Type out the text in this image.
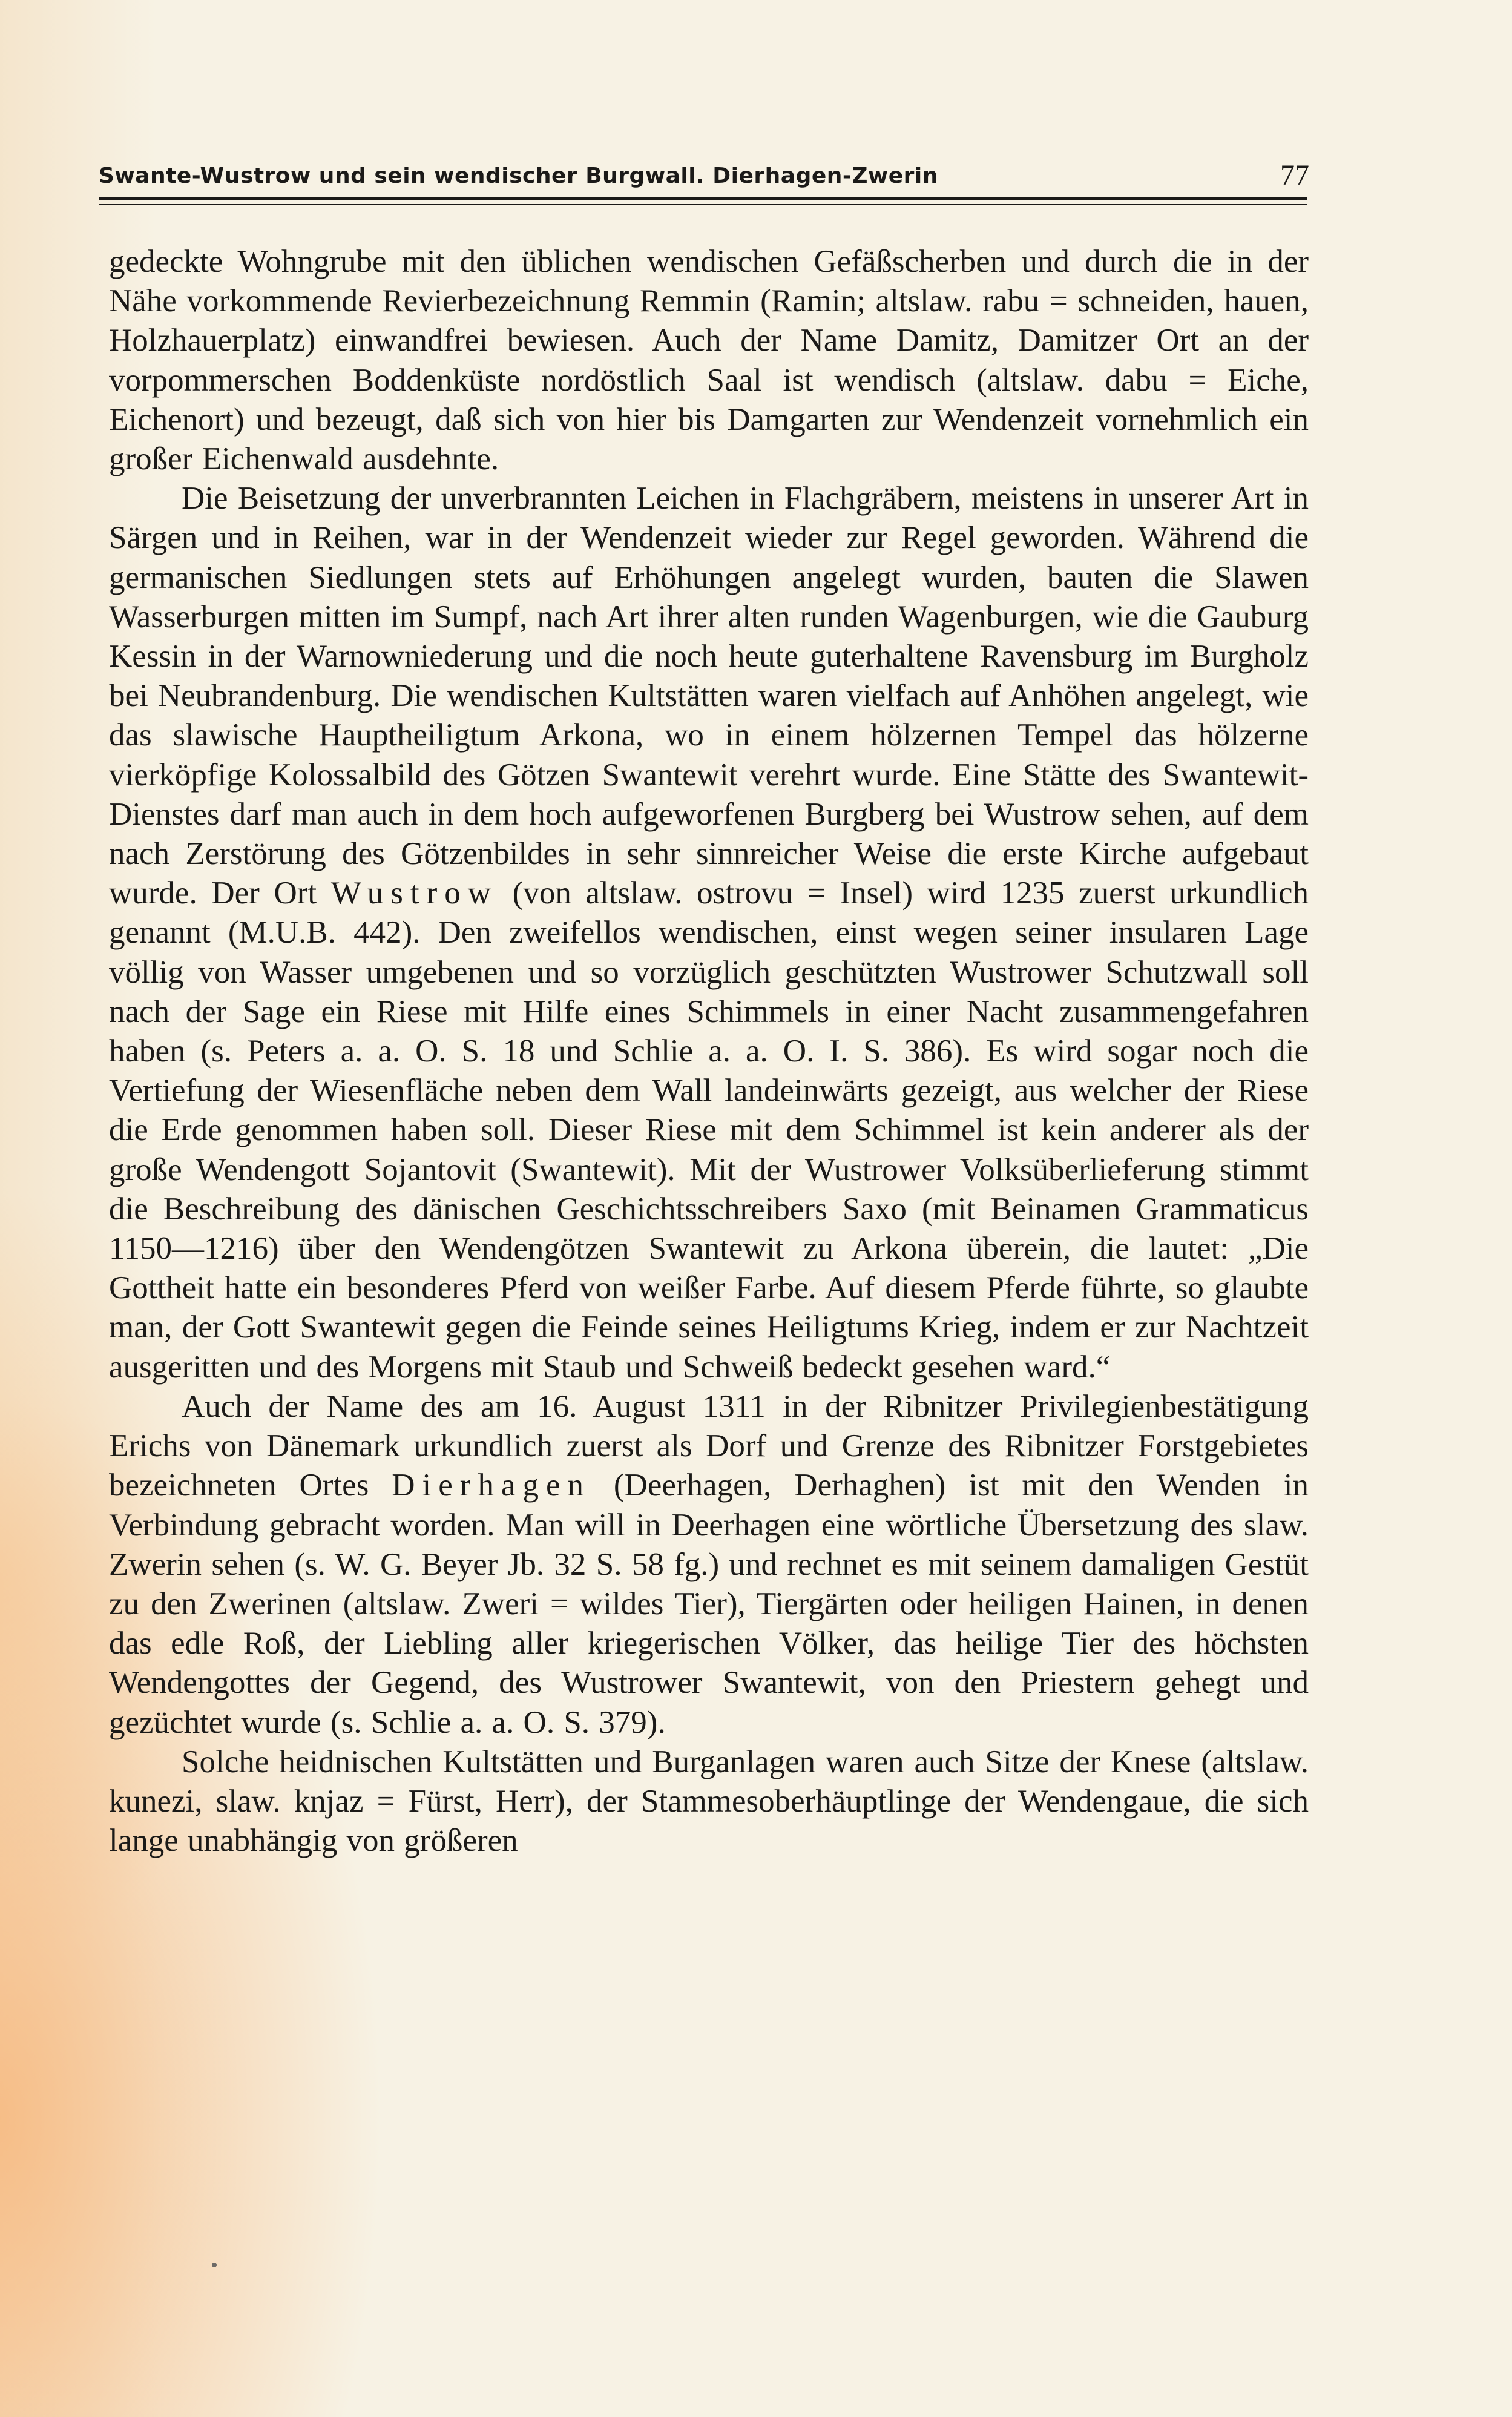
Swante-Wustrow und sein wendischer Burgwall. Dierhagen-Zwerin	77

gedeckte Wohngrube mit den üblichen wendischen Gefäßscherben und durch die in der Nähe vorkommende Revierbezeichnung Remmin (Ramin; altslaw. rabu = schneiden, hauen, Holzhauerplatz) einwandfrei bewiesen. Auch der Name Damitz, Damitzer Ort an der vorpommerschen Boddenküste nordöstlich Saal ist wendisch (altslaw. dabu = Eiche, Eichenort) und bezeugt, daß sich von hier bis Damgarten zur Wendenzeit vornehmlich ein großer Eichenwald ausdehnte.

Die Beisetzung der unverbrannten Leichen in Flachgräbern, meistens in unserer Art in Särgen und in Reihen, war in der Wendenzeit wieder zur Regel geworden. Während die germanischen Siedlungen stets auf Erhöhungen angelegt wurden, bauten die Slawen Wasserburgen mitten im Sumpf, nach Art ihrer alten runden Wagenburgen, wie die Gauburg Kessin in der Warnowniederung und die noch heute guterhaltene Ravensburg im Burgholz bei Neubrandenburg. Die wendischen Kultstätten waren vielfach auf Anhöhen angelegt, wie das slawische Hauptheiligtum Arkona, wo in einem hölzernen Tempel das hölzerne vierköpfige Kolossalbild des Götzen Swantewit verehrt wurde. Eine Stätte des Swantewit-Dienstes darf man auch in dem hoch aufgeworfenen Burgberg bei Wustrow sehen, auf dem nach Zerstörung des Götzenbildes in sehr sinnreicher Weise die erste Kirche aufgebaut wurde. Der Ort Wustrow (von altslaw. ostrovu = Insel) wird 1235 zuerst urkundlich genannt (M.U.B. 442). Den zweifellos wendischen, einst wegen seiner insularen Lage völlig von Wasser umgebenen und so vorzüglich geschützten Wustrower Schutzwall soll nach der Sage ein Riese mit Hilfe eines Schimmels in einer Nacht zusammengefahren haben (s. Peters a. a. O. S. 18 und Schlie a. a. O. I. S. 386). Es wird sogar noch die Vertiefung der Wiesenfläche neben dem Wall landeinwärts gezeigt, aus welcher der Riese die Erde genommen haben soll. Dieser Riese mit dem Schimmel ist kein anderer als der große Wendengott Sojantovit (Swantewit). Mit der Wustrower Volksüberlieferung stimmt die Beschreibung des dänischen Geschichtsschreibers Saxo (mit Beinamen Grammaticus 1150—1216) über den Wendengötzen Swantewit zu Arkona überein, die lautet: „Die Gottheit hatte ein besonderes Pferd von weißer Farbe. Auf diesem Pferde führte, so glaubte man, der Gott Swantewit gegen die Feinde seines Heiligtums Krieg, indem er zur Nachtzeit ausgeritten und des Morgens mit Staub und Schweiß bedeckt gesehen ward.“

Auch der Name des am 16. August 1311 in der Ribnitzer Privilegienbestätigung Erichs von Dänemark urkundlich zuerst als Dorf und Grenze des Ribnitzer Forstgebietes bezeichneten Ortes Dierhagen (Deerhagen, Derhaghen) ist mit den Wenden in Verbindung gebracht worden. Man will in Deerhagen eine wörtliche Übersetzung des slaw. Zwerin sehen (s. W. G. Beyer Jb. 32 S. 58 fg.) und rechnet es mit seinem damaligen Gestüt zu den Zwerinen (altslaw. Zweri = wildes Tier), Tiergärten oder heiligen Hainen, in denen das edle Roß, der Liebling aller kriegerischen Völker, das heilige Tier des höchsten Wendengottes der Gegend, des Wustrower Swantewit, von den Priestern gehegt und gezüchtet wurde (s. Schlie a. a. O. S. 379).

Solche heidnischen Kultstätten und Burganlagen waren auch Sitze der Knese (altslaw. kunezi, slaw. knjaz = Fürst, Herr), der Stammesoberhäuptlinge der Wendengaue, die sich lange unabhängig von größeren
